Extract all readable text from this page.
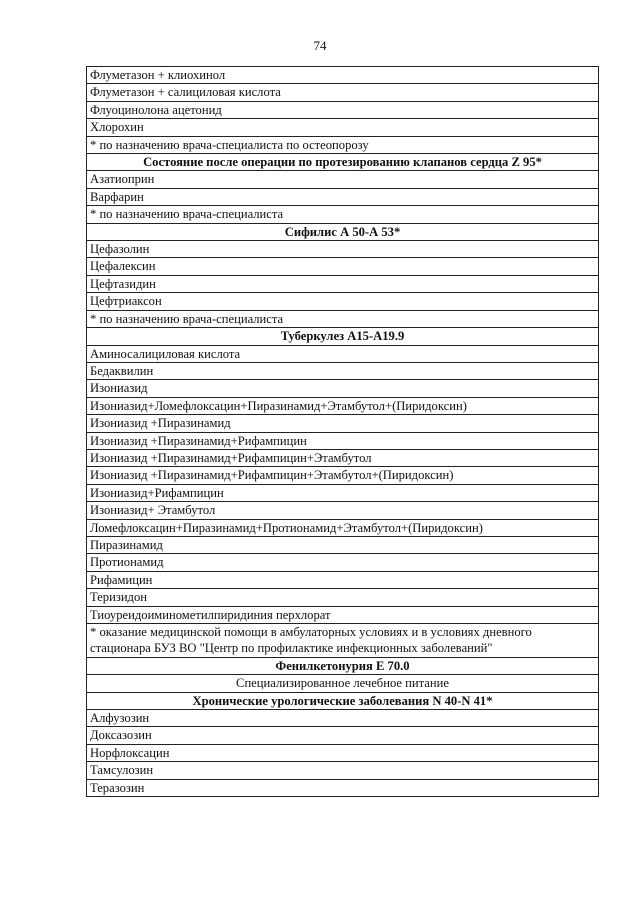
74
Флуметазон + клиохинол
Флуметазон + салициловая кислота
Флуоцинолона ацетонид
Хлорохин
* по назначению врача-специалиста по остеопорозу
Состояние после операции по протезированию клапанов сердца Z 95*
Азатиоприн
Варфарин
* по назначению врача-специалиста
Сифилис А 50-А 53*
Цефазолин
Цефалексин
Цефтазидин
Цефтриаксон
* по назначению врача-специалиста
Туберкулез А15-А19.9
Аминосалициловая кислота
Бедаквилин
Изониазид
Изониазид+Ломефлоксацин+Пиразинамид+Этамбутол+(Пиридоксин)
Изониазид +Пиразинамид
Изониазид +Пиразинамид+Рифампицин
Изониазид +Пиразинамид+Рифампицин+Этамбутол
Изониазид +Пиразинамид+Рифампицин+Этамбутол+(Пиридоксин)
Изониазид+Рифампицин
Изониазид+ Этамбутол
Ломефлоксацин+Пиразинамид+Протионамид+Этамбутол+(Пиридоксин)
Пиразинамид
Протионамид
Рифамицин
Теризидон
Тиоуреидоиминометилпиридиния перхлорат
* оказание медицинской помощи в амбулаторных условиях и в условиях дневного стационара БУЗ ВО "Центр по профилактике инфекционных заболеваний"
Фенилкетонурия Е 70.0
Специализированное лечебное питание
Хронические урологические заболевания N 40-N 41*
Алфузозин
Доксазозин
Норфлоксацин
Тамсулозин
Теразозин
